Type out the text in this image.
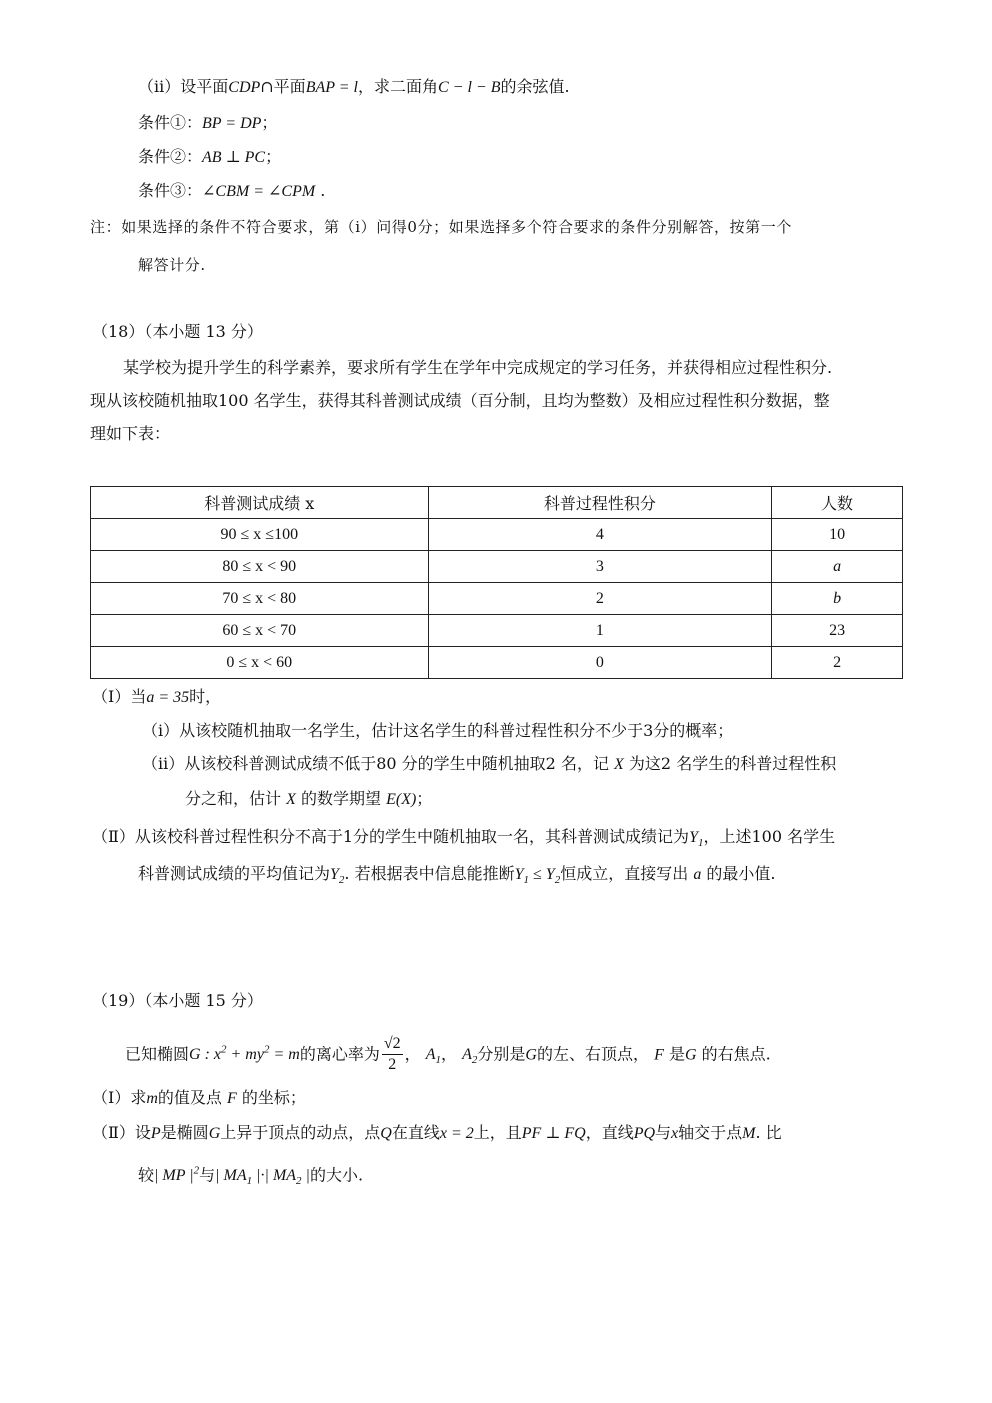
（ⅱ）设平面CDP∩平面BAP = l，求二面角C − l − B的余弦值.
条件①：BP = DP；
条件②：AB ⊥ PC；
条件③：∠CBM = ∠CPM .
注：如果选择的条件不符合要求，第（ⅰ）问得0分；如果选择多个符合要求的条件分别解答，按第一个
解答计分.
（18）（本小题 13 分）
某学校为提升学生的科学素养，要求所有学生在学年中完成规定的学习任务，并获得相应过程性积分.
现从该校随机抽取100 名学生，获得其科普测试成绩（百分制，且均为整数）及相应过程性积分数据，整
理如下表：
科普测试成绩 x	科普过程性积分	人数
90 ≤ x ≤100	4	10
80 ≤ x < 90	3	a
70 ≤ x < 80	2	b
60 ≤ x < 70	1	23
0 ≤ x < 60	0	2
（Ⅰ）当a = 35时，
（ⅰ）从该校随机抽取一名学生，估计这名学生的科普过程性积分不少于3分的概率；
（ⅱ）从该校科普测试成绩不低于80 分的学生中随机抽取2 名，记 X 为这2 名学生的科普过程性积
分之和，估计 X 的数学期望 E(X)；
（Ⅱ）从该校科普过程性积分不高于1分的学生中随机抽取一名，其科普测试成绩记为$Y_1$，上述100 名学生
科普测试成绩的平均值记为$Y_2$. 若根据表中信息能推断$Y_1 \le Y_2$恒成立，直接写出 a 的最小值.
（19）（本小题 15 分）
已知椭圆G : $x^2 + my^2 = m$的离心率为 $\frac{√2}{2}$ ， $A_1$， $A_2$分别是G的左、右顶点， F 是G 的右焦点.
（Ⅰ）求m的值及点 F 的坐标；
（Ⅱ）设P是椭圆G上异于顶点的动点，点Q在直线x = 2上，且PF ⊥ FQ，直线PQ与x轴交于点M. 比
较| MP $|^2$与| $MA_1$ |·| $MA_2$ |的大小.
